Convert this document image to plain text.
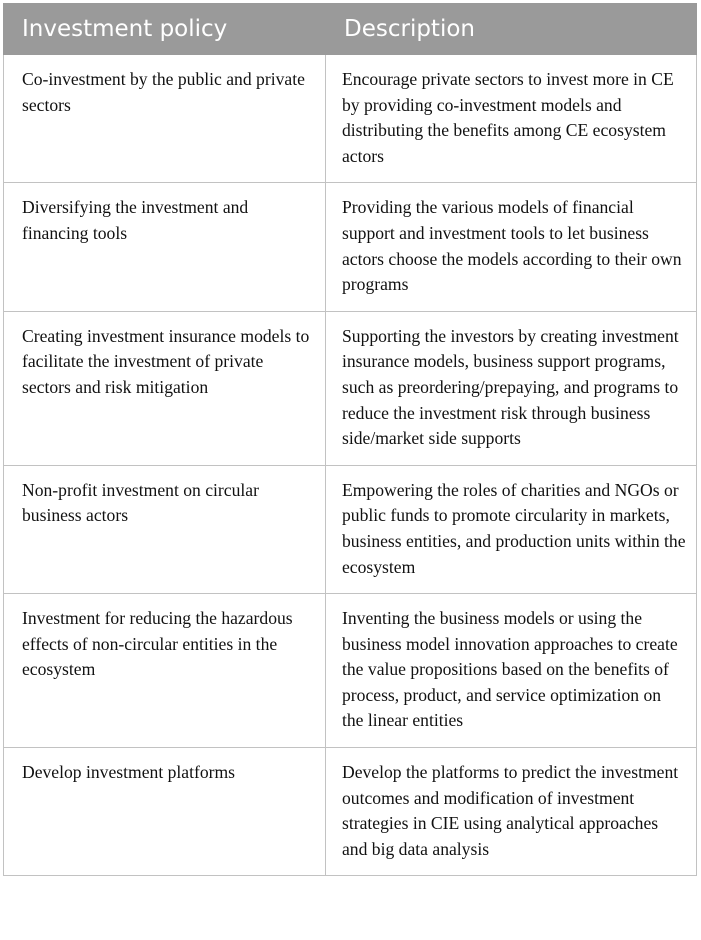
Investment policy	Description
Co-investment by the public and private sectors	Encourage private sectors to invest more in CE by providing co-investment models and distributing the benefits among CE ecosystem actors
Diversifying the investment and financing tools	Providing the various models of financial support and investment tools to let business actors choose the models according to their own programs
Creating investment insurance models to facilitate the investment of private sectors and risk mitigation	Supporting the investors by creating investment insurance models, business support programs, such as preordering/prepaying, and programs to reduce the investment risk through business side/market side supports
Non-profit investment on circular business actors	Empowering the roles of charities and NGOs or public funds to promote circularity in markets, business entities, and production units within the ecosystem
Investment for reducing the hazardous effects of non-circular entities in the ecosystem	Inventing the business models or using the business model innovation approaches to create the value propositions based on the benefits of process, product, and service optimization on the linear entities
Develop investment platforms	Develop the platforms to predict the investment outcomes and modification of investment strategies in CIE using analytical approaches and big data analysis
